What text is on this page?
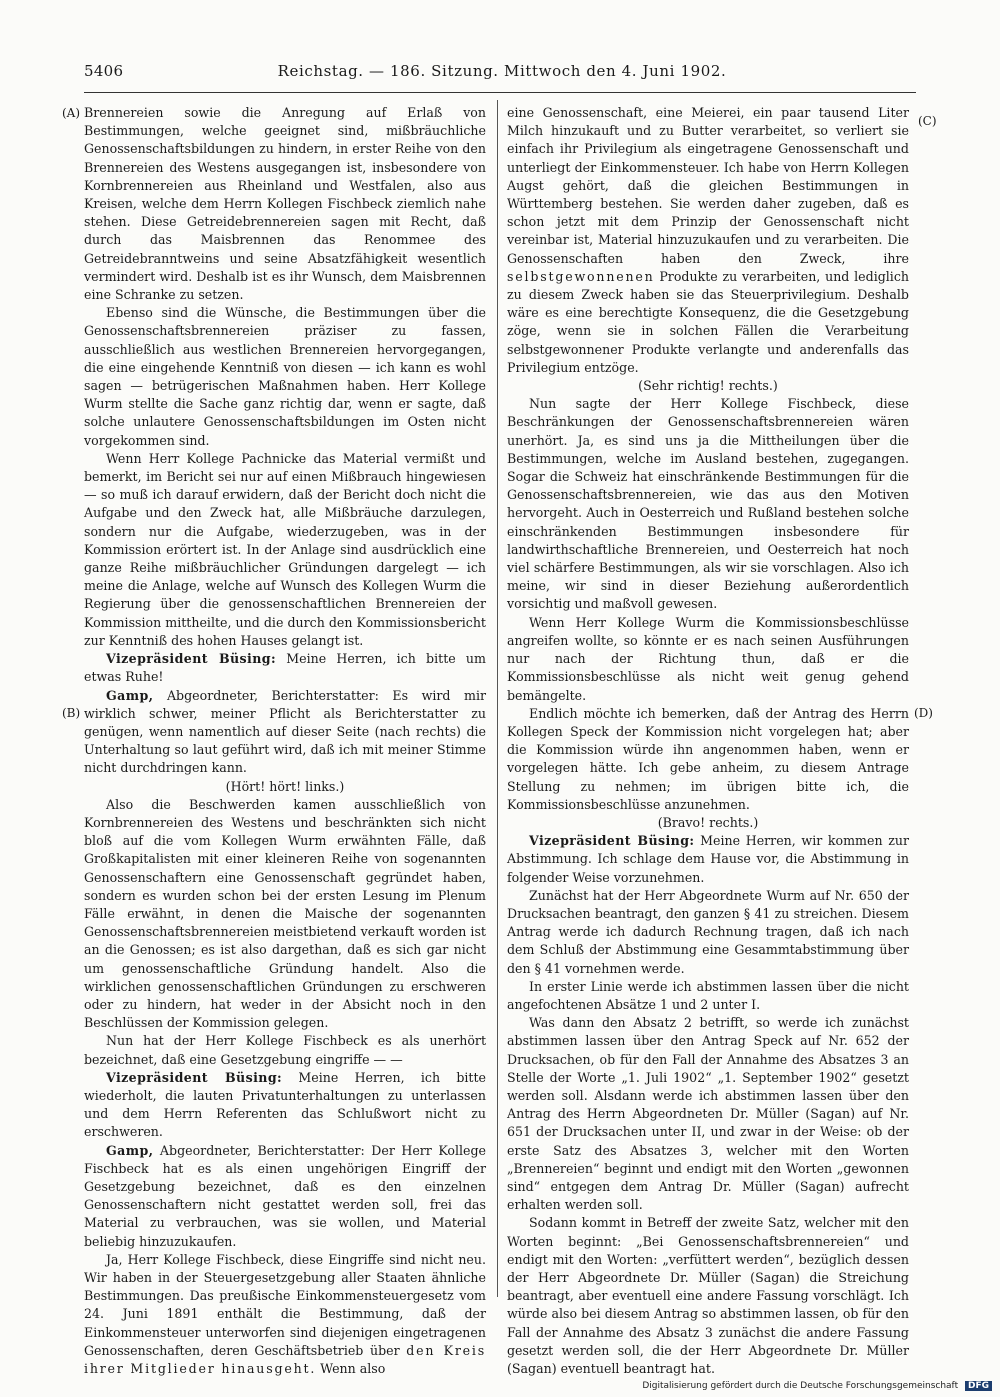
5406	Reichstag. — 186. Sitzung. Mittwoch den 4. Juni 1902.
(A)
(B)
(C)
(D)

Brennereien sowie die Anregung auf Erlaß von Bestimmungen, welche geeignet sind, mißbräuchliche Genossenschaftsbildungen zu hindern, in erster Reihe von den Brennereien des Westens ausgegangen ist, insbesondere von Kornbrennereien aus Rheinland und Westfalen, also aus Kreisen, welche dem Herrn Kollegen Fischbeck ziemlich nahe stehen. Diese Getreidebrennereien sagen mit Recht, daß durch das Maisbrennen das Renommee des Getreidebranntweins und seine Absatzfähigkeit wesentlich vermindert wird. Deshalb ist es ihr Wunsch, dem Maisbrennen eine Schranke zu setzen.

Ebenso sind die Wünsche, die Bestimmungen über die Genossenschaftsbrennereien präziser zu fassen, ausschließlich aus westlichen Brennereien hervorgegangen, die eine eingehende Kenntniß von diesen — ich kann es wohl sagen — betrügerischen Maßnahmen haben. Herr Kollege Wurm stellte die Sache ganz richtig dar, wenn er sagte, daß solche unlautere Genossenschaftsbildungen im Osten nicht vorgekommen sind.

Wenn Herr Kollege Pachnicke das Material vermißt und bemerkt, im Bericht sei nur auf einen Mißbrauch hingewiesen — so muß ich darauf erwidern, daß der Bericht doch nicht die Aufgabe und den Zweck hat, alle Mißbräuche darzulegen, sondern nur die Aufgabe, wiederzugeben, was in der Kommission erörtert ist. In der Anlage sind ausdrücklich eine ganze Reihe mißbräuchlicher Gründungen dargelegt — ich meine die Anlage, welche auf Wunsch des Kollegen Wurm die Regierung über die genossenschaftlichen Brennereien der Kommission mittheilte, und die durch den Kommissionsbericht zur Kenntniß des hohen Hauses gelangt ist.

Vizepräsident Büsing: Meine Herren, ich bitte um etwas Ruhe!

Gamp, Abgeordneter, Berichterstatter: Es wird mir wirklich schwer, meiner Pflicht als Berichterstatter zu genügen, wenn namentlich auf dieser Seite (nach rechts) die Unterhaltung so laut geführt wird, daß ich mit meiner Stimme nicht durchdringen kann.

(Hört! hört! links.)

Also die Beschwerden kamen ausschließlich von Kornbrennereien des Westens und beschränkten sich nicht bloß auf die vom Kollegen Wurm erwähnten Fälle, daß Großkapitalisten mit einer kleineren Reihe von sogenannten Genossenschaftern eine Genossenschaft gegründet haben, sondern es wurden schon bei der ersten Lesung im Plenum Fälle erwähnt, in denen die Maische der sogenannten Genossenschaftsbrennereien meistbietend verkauft worden ist an die Genossen; es ist also dargethan, daß es sich gar nicht um genossenschaftliche Gründung handelt. Also die wirklichen genossenschaftlichen Gründungen zu erschweren oder zu hindern, hat weder in der Absicht noch in den Beschlüssen der Kommission gelegen.

Nun hat der Herr Kollege Fischbeck es als unerhört bezeichnet, daß eine Gesetzgebung eingriffe — —

Vizepräsident Büsing: Meine Herren, ich bitte wiederholt, die lauten Privatunterhaltungen zu unterlassen und dem Herrn Referenten das Schlußwort nicht zu erschweren.

Gamp, Abgeordneter, Berichterstatter: Der Herr Kollege Fischbeck hat es als einen ungehörigen Eingriff der Gesetzgebung bezeichnet, daß es den einzelnen Genossenschaftern nicht gestattet werden soll, frei das Material zu verbrauchen, was sie wollen, und Material beliebig hinzuzukaufen.

Ja, Herr Kollege Fischbeck, diese Eingriffe sind nicht neu. Wir haben in der Steuergesetzgebung aller Staaten ähnliche Bestimmungen. Das preußische Einkommensteuergesetz vom 24. Juni 1891 enthält die Bestimmung, daß der Einkommensteuer unterworfen sind diejenigen eingetragenen Genossenschaften, deren Geschäftsbetrieb über den Kreis ihrer Mitglieder hinausgeht. Wenn also

eine Genossenschaft, eine Meierei, ein paar tausend Liter Milch hinzukauft und zu Butter verarbeitet, so verliert sie einfach ihr Privilegium als eingetragene Genossenschaft und unterliegt der Einkommensteuer. Ich habe von Herrn Kollegen Augst gehört, daß die gleichen Bestimmungen in Württemberg bestehen. Sie werden daher zugeben, daß es schon jetzt mit dem Prinzip der Genossenschaft nicht vereinbar ist, Material hinzuzukaufen und zu verarbeiten. Die Genossenschaften haben den Zweck, ihre selbstgewonnenen Produkte zu verarbeiten, und lediglich zu diesem Zweck haben sie das Steuerprivilegium. Deshalb wäre es eine berechtigte Konsequenz, die die Gesetzgebung zöge, wenn sie in solchen Fällen die Verarbeitung selbstgewonnener Produkte verlangte und anderenfalls das Privilegium entzöge.

(Sehr richtig! rechts.)

Nun sagte der Herr Kollege Fischbeck, diese Beschränkungen der Genossenschaftsbrennereien wären unerhört. Ja, es sind uns ja die Mittheilungen über die Bestimmungen, welche im Ausland bestehen, zugegangen. Sogar die Schweiz hat einschränkende Bestimmungen für die Genossenschaftsbrennereien, wie das aus den Motiven hervorgeht. Auch in Oesterreich und Rußland bestehen solche einschränkenden Bestimmungen insbesondere für landwirthschaftliche Brennereien, und Oesterreich hat noch viel schärfere Bestimmungen, als wir sie vorschlagen. Also ich meine, wir sind in dieser Beziehung außerordentlich vorsichtig und maßvoll gewesen.

Wenn Herr Kollege Wurm die Kommissionsbeschlüsse angreifen wollte, so könnte er es nach seinen Ausführungen nur nach der Richtung thun, daß er die Kommissionsbeschlüsse als nicht weit genug gehend bemängelte.

Endlich möchte ich bemerken, daß der Antrag des Herrn Kollegen Speck der Kommission nicht vorgelegen hat; aber die Kommission würde ihn angenommen haben, wenn er vorgelegen hätte. Ich gebe anheim, zu diesem Antrage Stellung zu nehmen; im übrigen bitte ich, die Kommissionsbeschlüsse anzunehmen.

(Bravo! rechts.)

Vizepräsident Büsing: Meine Herren, wir kommen zur Abstimmung. Ich schlage dem Hause vor, die Abstimmung in folgender Weise vorzunehmen.

Zunächst hat der Herr Abgeordnete Wurm auf Nr. 650 der Drucksachen beantragt, den ganzen § 41 zu streichen. Diesem Antrag werde ich dadurch Rechnung tragen, daß ich nach dem Schluß der Abstimmung eine Gesammtabstimmung über den § 41 vornehmen werde.

In erster Linie werde ich abstimmen lassen über die nicht angefochtenen Absätze 1 und 2 unter I.

Was dann den Absatz 2 betrifft, so werde ich zunächst abstimmen lassen über den Antrag Speck auf Nr. 652 der Drucksachen, ob für den Fall der Annahme des Absatzes 3 an Stelle der Worte „1. Juli 1902“ „1. September 1902“ gesetzt werden soll. Alsdann werde ich abstimmen lassen über den Antrag des Herrn Abgeordneten Dr. Müller (Sagan) auf Nr. 651 der Drucksachen unter II, und zwar in der Weise: ob der erste Satz des Absatzes 3, welcher mit den Worten „Brennereien“ beginnt und endigt mit den Worten „gewonnen sind“ entgegen dem Antrag Dr. Müller (Sagan) aufrecht erhalten werden soll.

Sodann kommt in Betreff der zweite Satz, welcher mit den Worten beginnt: „Bei Genossenschaftsbrennereien“ und endigt mit den Worten: „verfüttert werden“, bezüglich dessen der Herr Abgeordnete Dr. Müller (Sagan) die Streichung beantragt, aber eventuell eine andere Fassung vorschlägt. Ich würde also bei diesem Antrag so abstimmen lassen, ob für den Fall der Annahme des Absatz 3 zunächst die andere Fassung gesetzt werden soll, die der Herr Abgeordnete Dr. Müller (Sagan) eventuell beantragt hat.

Digitalisierung gefördert durch die Deutsche Forschungsgemeinschaft DFG
